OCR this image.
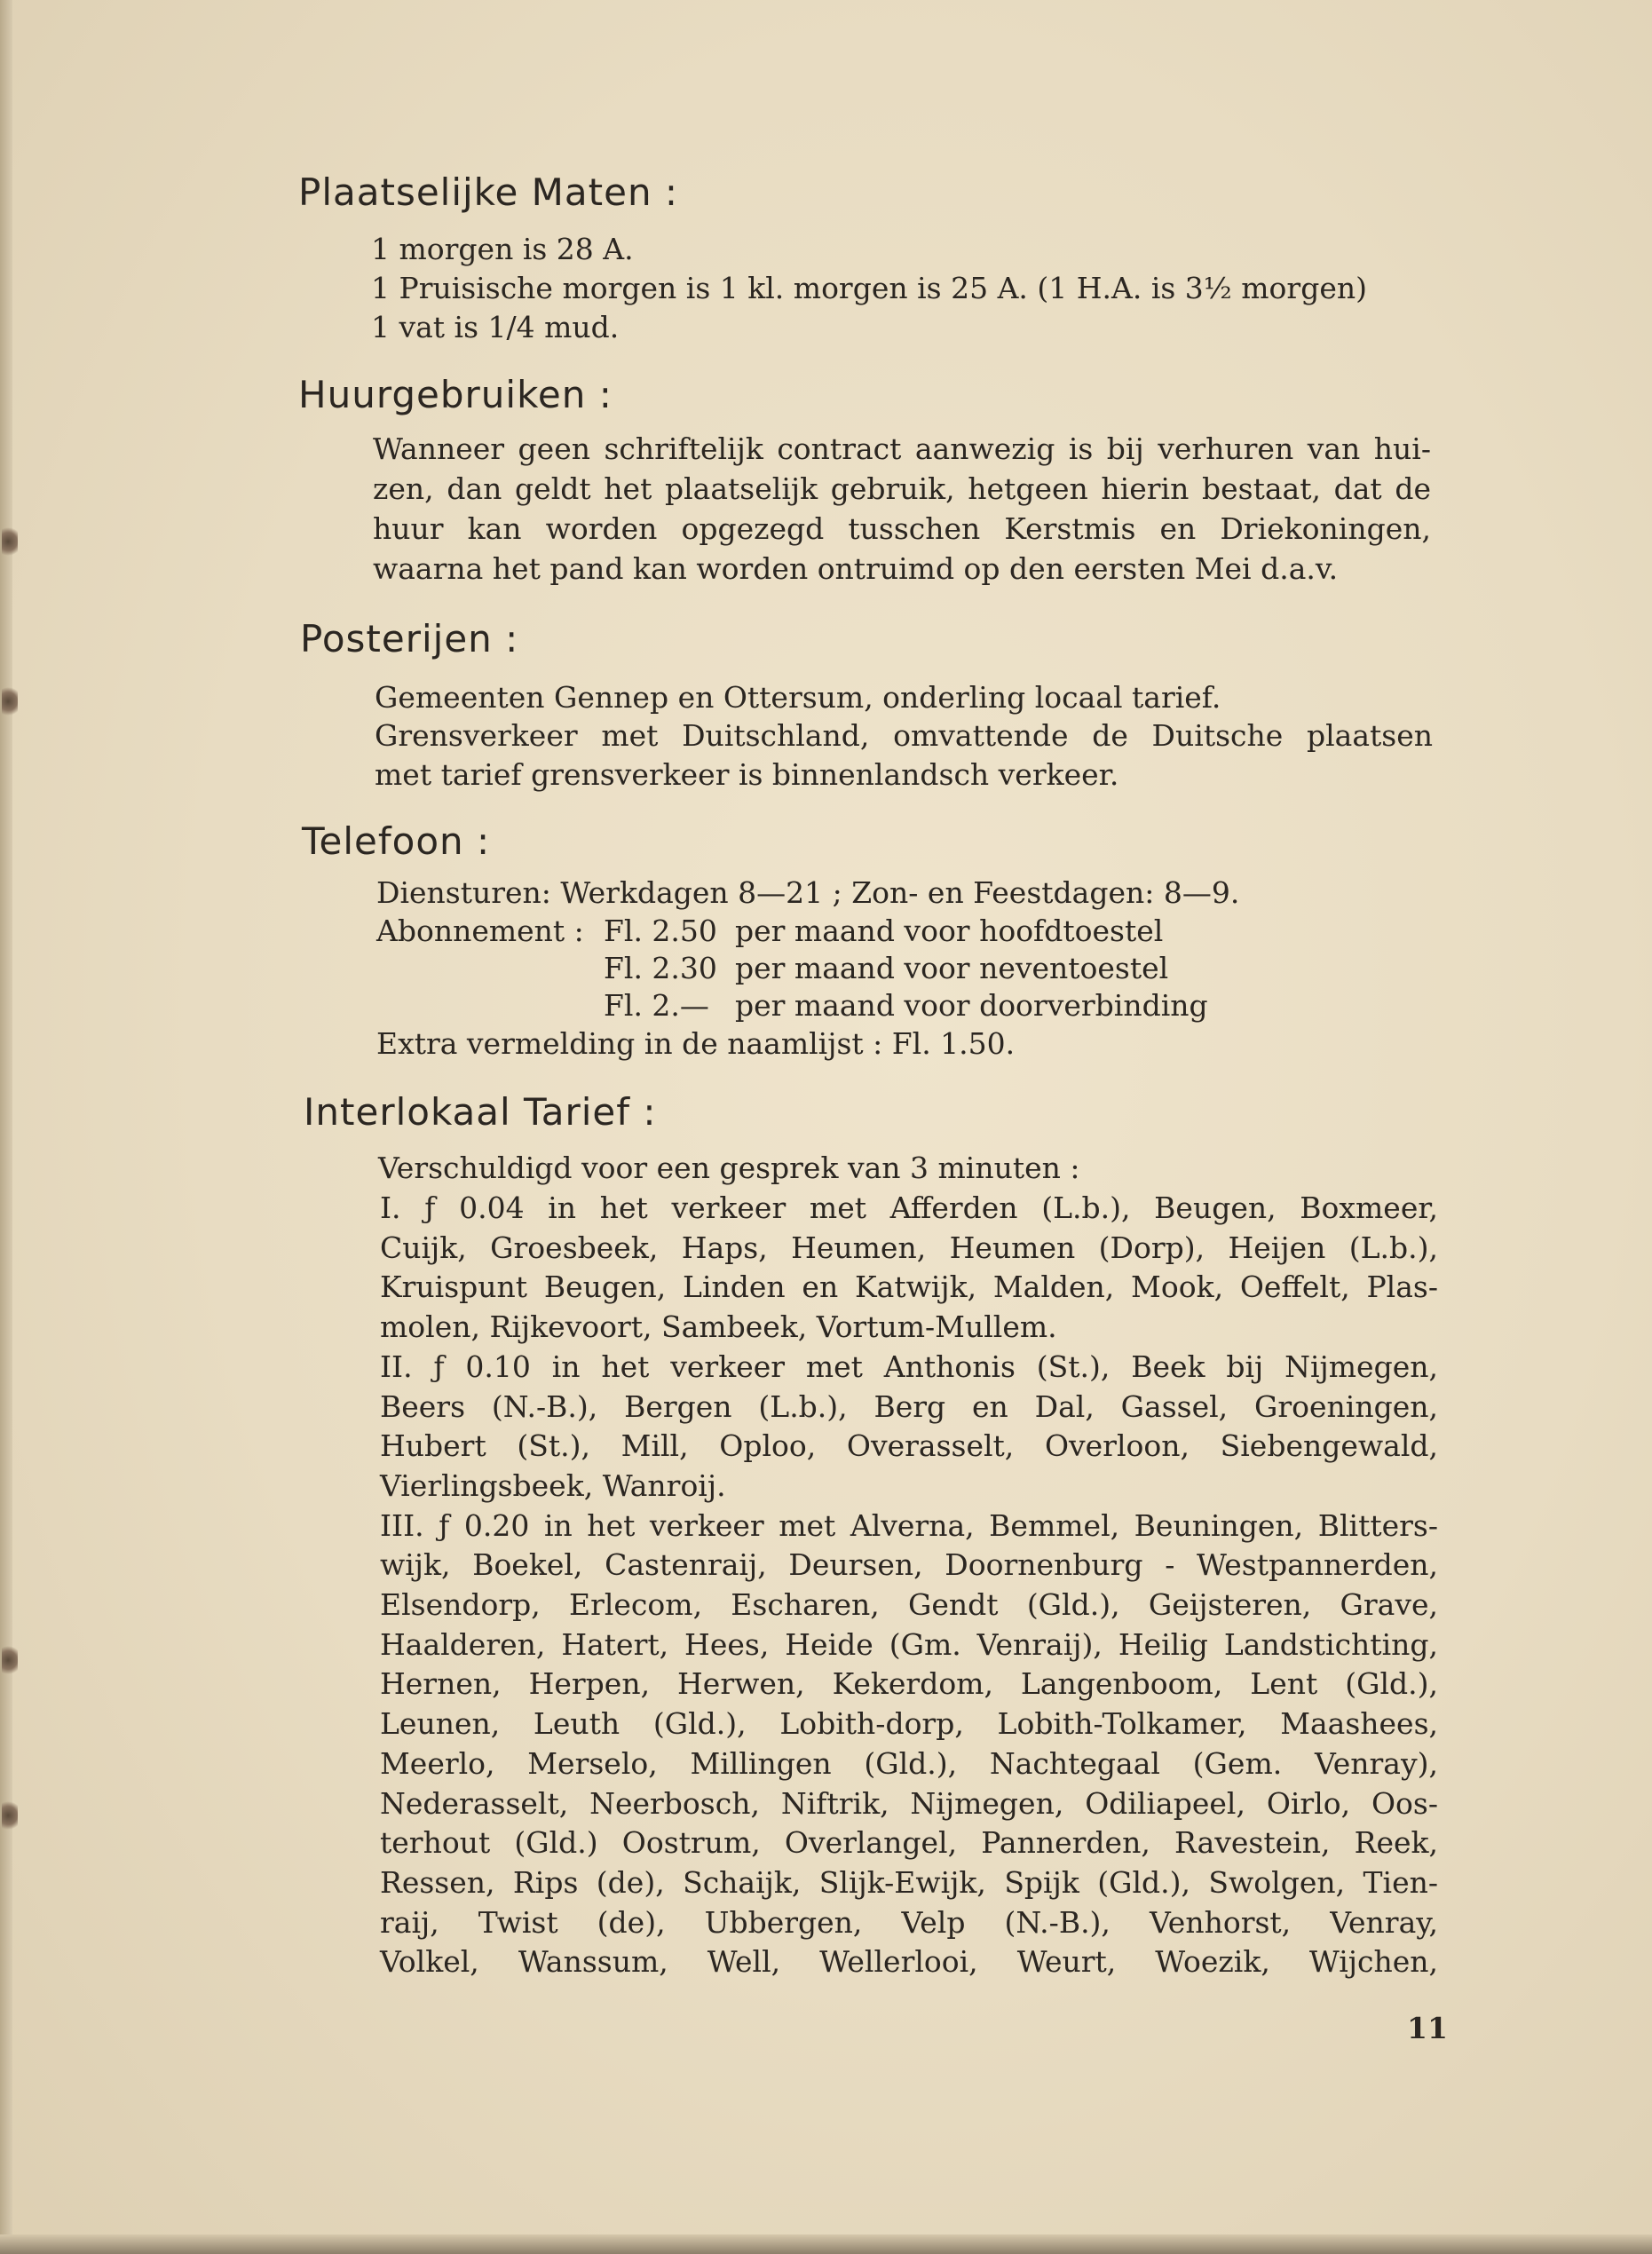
Plaatselijke Maten :

1 morgen is 28 A.

1 Pruisische morgen is 1 kl. morgen is 25 A. (1 H.A. is 3½ morgen)

1 vat is 1/4 mud.

Huurgebruiken :

Wanneer geen schriftelijk contract aanwezig is bij verhuren van hui-

zen, dan geldt het plaatselijk gebruik, hetgeen hierin bestaat, dat de

huur kan worden opgezegd tusschen Kerstmis en Driekoningen,

waarna het pand kan worden ontruimd op den eersten Mei d.a.v.

Posterijen :

Gemeenten Gennep en Ottersum, onderling locaal tarief.

Grensverkeer met Duitschland, omvattende de Duitsche plaatsen

met tarief grensverkeer is binnenlandsch verkeer.

Telefoon :

Diensturen: Werkdagen 8—21 ; Zon- en Feestdagen: 8—9.

Abonnement : Fl. 2.50 per maand voor hoofdtoestel

Fl. 2.30 per maand voor neventoestel

Fl. 2.— per maand voor doorverbinding

Extra vermelding in de naamlijst : Fl. 1.50.

Interlokaal Tarief :

Verschuldigd voor een gesprek van 3 minuten :

I. ƒ 0.04 in het verkeer met Afferden (L.b.), Beugen, Boxmeer,

Cuijk, Groesbeek, Haps, Heumen, Heumen (Dorp), Heijen (L.b.),

Kruispunt Beugen, Linden en Katwijk, Malden, Mook, Oeffelt, Plas-

molen, Rijkevoort, Sambeek, Vortum-Mullem.

II. ƒ 0.10 in het verkeer met Anthonis (St.), Beek bij Nijmegen,

Beers (N.-B.), Bergen (L.b.), Berg en Dal, Gassel, Groeningen,

Hubert (St.), Mill, Oploo, Overasselt, Overloon, Siebengewald,

Vierlingsbeek, Wanroij.

III. ƒ 0.20 in het verkeer met Alverna, Bemmel, Beuningen, Blitters-

wijk, Boekel, Castenraij, Deursen, Doornenburg - Westpannerden,

Elsendorp, Erlecom, Escharen, Gendt (Gld.), Geijsteren, Grave,

Haalderen, Hatert, Hees, Heide (Gm. Venraij), Heilig Landstichting,

Hernen, Herpen, Herwen, Kekerdom, Langenboom, Lent (Gld.),

Leunen, Leuth (Gld.), Lobith-dorp, Lobith-Tolkamer, Maashees,

Meerlo, Merselo, Millingen (Gld.), Nachtegaal (Gem. Venray),

Nederasselt, Neerbosch, Niftrik, Nijmegen, Odiliapeel, Oirlo, Oos-

terhout (Gld.) Oostrum, Overlangel, Pannerden, Ravestein, Reek,

Ressen, Rips (de), Schaijk, Slijk-Ewijk, Spijk (Gld.), Swolgen, Tien-

raij, Twist (de), Ubbergen, Velp (N.-B.), Venhorst, Venray,

Volkel, Wanssum, Well, Wellerlooi, Weurt, Woezik, Wijchen,

11
